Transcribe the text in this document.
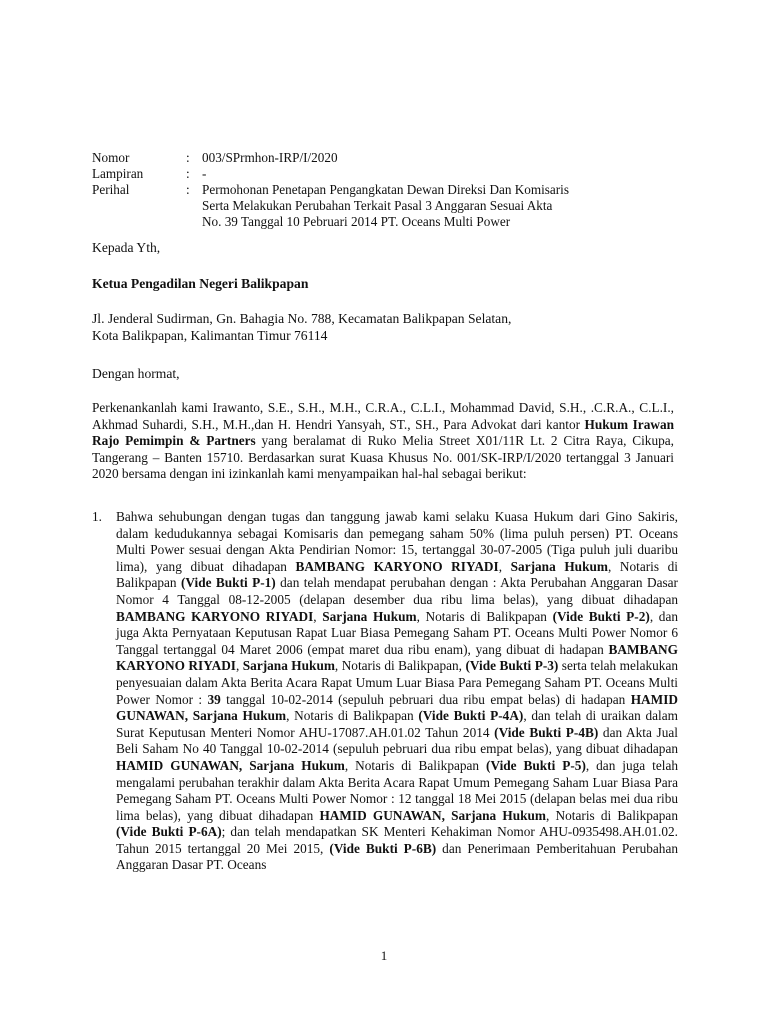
Nomor	: 003/SPrmhon-IRP/I/2020
Lampiran	: -
Perihal	: Permohonan Penetapan Pengangkatan Dewan Direksi Dan Komisaris
Serta Melakukan Perubahan Terkait Pasal 3 Anggaran Sesuai Akta
No. 39 Tanggal 10 Pebruari 2014 PT. Oceans Multi Power
Kepada Yth,
Ketua Pengadilan Negeri Balikpapan
Jl. Jenderal Sudirman, Gn. Bahagia No. 788, Kecamatan Balikpapan Selatan,
Kota Balikpapan, Kalimantan Timur 76114
Dengan hormat,
Perkenankanlah kami Irawanto, S.E., S.H., M.H., C.R.A., C.L.I., Mohammad David, S.H., .C.R.A., C.L.I., Akhmad Suhardi, S.H., M.H.,dan H. Hendri Yansyah, ST., SH., Para Advokat dari kantor Hukum Irawan Rajo Pemimpin & Partners yang beralamat di Ruko Melia Street X01/11R Lt. 2 Citra Raya, Cikupa, Tangerang – Banten 15710. Berdasarkan surat Kuasa Khusus No. 001/SK-IRP/I/2020 tertanggal 3 Januari 2020 bersama dengan ini izinkanlah kami menyampaikan hal-hal sebagai berikut:
1. Bahwa sehubungan dengan tugas dan tanggung jawab kami selaku Kuasa Hukum dari Gino Sakiris, dalam kedudukannya sebagai Komisaris dan pemegang saham 50% (lima puluh persen) PT. Oceans Multi Power sesuai dengan Akta Pendirian Nomor: 15, tertanggal 30-07-2005 (Tiga puluh juli duaribu lima), yang dibuat dihadapan BAMBANG KARYONO RIYADI, Sarjana Hukum, Notaris di Balikpapan (Vide Bukti P-1) dan telah mendapat perubahan dengan : Akta Perubahan Anggaran Dasar Nomor 4 Tanggal 08-12-2005 (delapan desember dua ribu lima belas), yang dibuat dihadapan BAMBANG KARYONO RIYADI, Sarjana Hukum, Notaris di Balikpapan (Vide Bukti P-2), dan juga Akta Pernyataan Keputusan Rapat Luar Biasa Pemegang Saham PT. Oceans Multi Power Nomor 6 Tanggal tertanggal 04 Maret 2006 (empat maret dua ribu enam), yang dibuat di hadapan BAMBANG KARYONO RIYADI, Sarjana Hukum, Notaris di Balikpapan, (Vide Bukti P-3) serta telah melakukan penyesuaian dalam Akta Berita Acara Rapat Umum Luar Biasa Para Pemegang Saham PT. Oceans Multi Power Nomor : 39 tanggal 10-02-2014 (sepuluh pebruari dua ribu empat belas) di hadapan HAMID GUNAWAN, Sarjana Hukum, Notaris di Balikpapan (Vide Bukti P-4A), dan telah di uraikan dalam Surat Keputusan Menteri Nomor AHU-17087.AH.01.02 Tahun 2014 (Vide Bukti P-4B) dan Akta Jual Beli Saham No 40 Tanggal 10-02-2014 (sepuluh pebruari dua ribu empat belas), yang dibuat dihadapan HAMID GUNAWAN, Sarjana Hukum, Notaris di Balikpapan (Vide Bukti P-5), dan juga telah mengalami perubahan terakhir dalam Akta Berita Acara Rapat Umum Pemegang Saham Luar Biasa Para Pemegang Saham PT. Oceans Multi Power Nomor : 12 tanggal 18 Mei 2015 (delapan belas mei dua ribu lima belas), yang dibuat dihadapan HAMID GUNAWAN, Sarjana Hukum, Notaris di Balikpapan (Vide Bukti P-6A); dan telah mendapatkan SK Menteri Kehakiman Nomor AHU-0935498.AH.01.02. Tahun 2015 tertanggal 20 Mei 2015, (Vide Bukti P-6B) dan Penerimaan Pemberitahuan Perubahan Anggaran Dasar PT. Oceans
1
